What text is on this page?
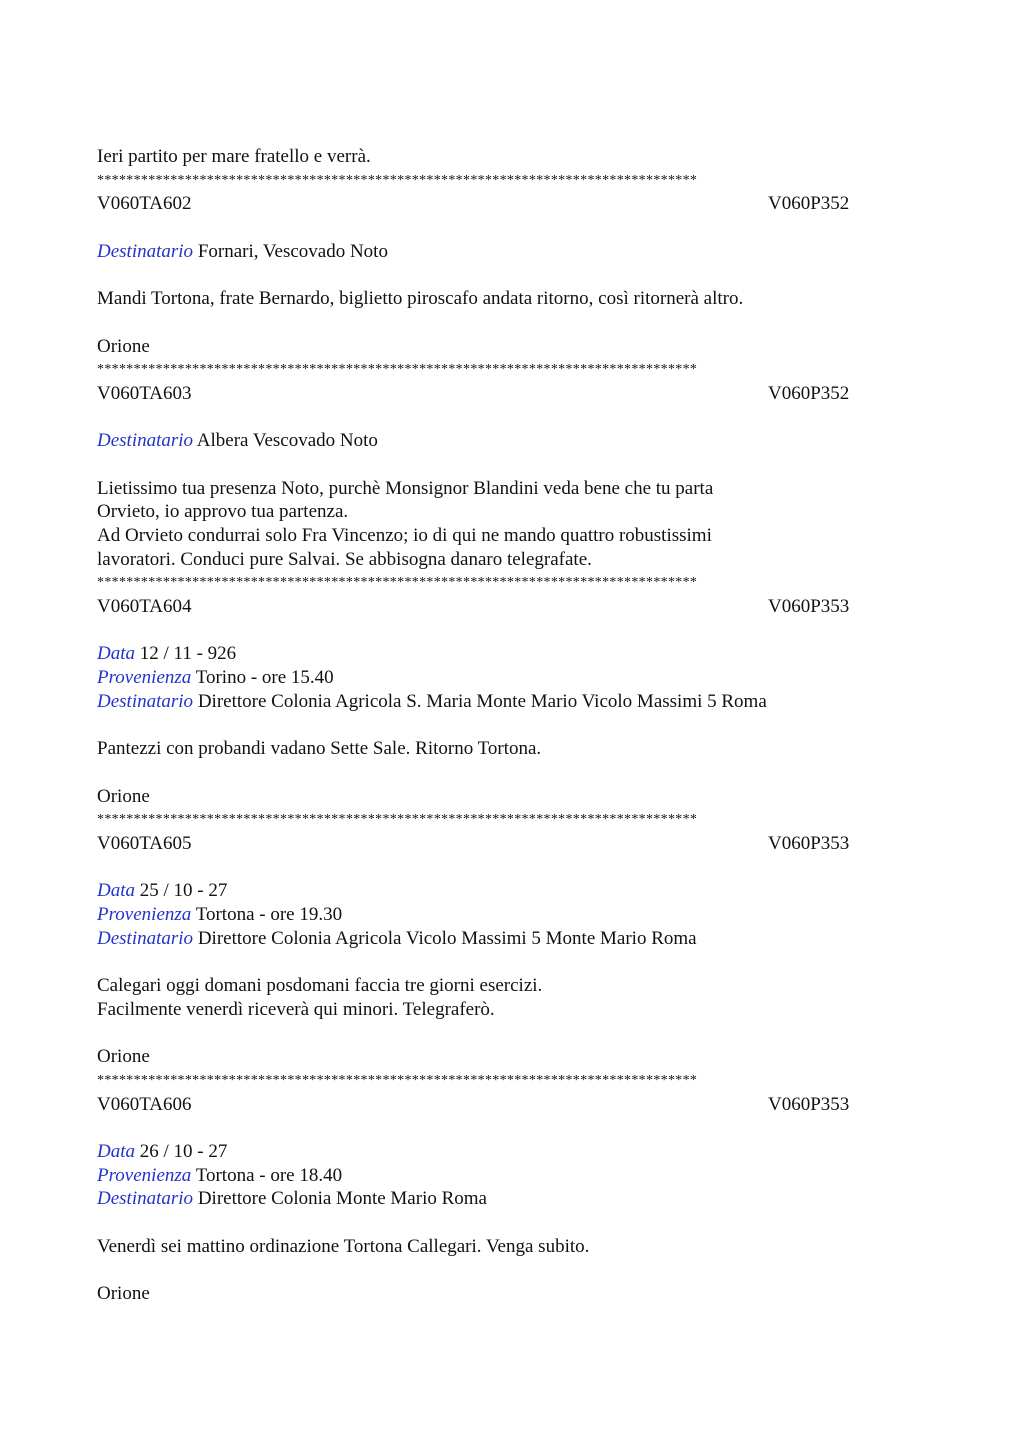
Ieri partito per mare fratello e verrà.
**********************************************************************************
V060TA602	V060P352
Destinatario Fornari, Vescovado Noto
Mandi Tortona, frate Bernardo, biglietto piroscafo andata ritorno, così ritornerà altro.
Orione
**********************************************************************************
V060TA603	V060P352
Destinatario Albera Vescovado Noto
Lietissimo tua presenza Noto, purchè Monsignor Blandini veda bene che tu parta
Orvieto, io approvo tua partenza.
Ad Orvieto condurrai solo Fra Vincenzo; io di qui ne mando quattro robustissimi
lavoratori. Conduci pure Salvai. Se abbisogna danaro telegrafate.
**********************************************************************************
V060TA604	V060P353
Data 12 / 11 - 926
Provenienza Torino - ore 15.40
Destinatario Direttore Colonia Agricola S. Maria Monte Mario Vicolo Massimi 5 Roma
Pantezzi con probandi vadano Sette Sale. Ritorno Tortona.
Orione
**********************************************************************************
V060TA605	V060P353
Data 25 / 10 - 27
Provenienza Tortona - ore 19.30
Destinatario Direttore Colonia Agricola Vicolo Massimi 5 Monte Mario Roma
Calegari oggi domani posdomani faccia tre giorni esercizi.
Facilmente venerdì riceverà qui minori. Telegraferò.
Orione
**********************************************************************************
V060TA606	V060P353
Data 26 / 10 - 27
Provenienza Tortona - ore 18.40
Destinatario Direttore Colonia Monte Mario Roma
Venerdì sei mattino ordinazione Tortona Callegari. Venga subito.
Orione
